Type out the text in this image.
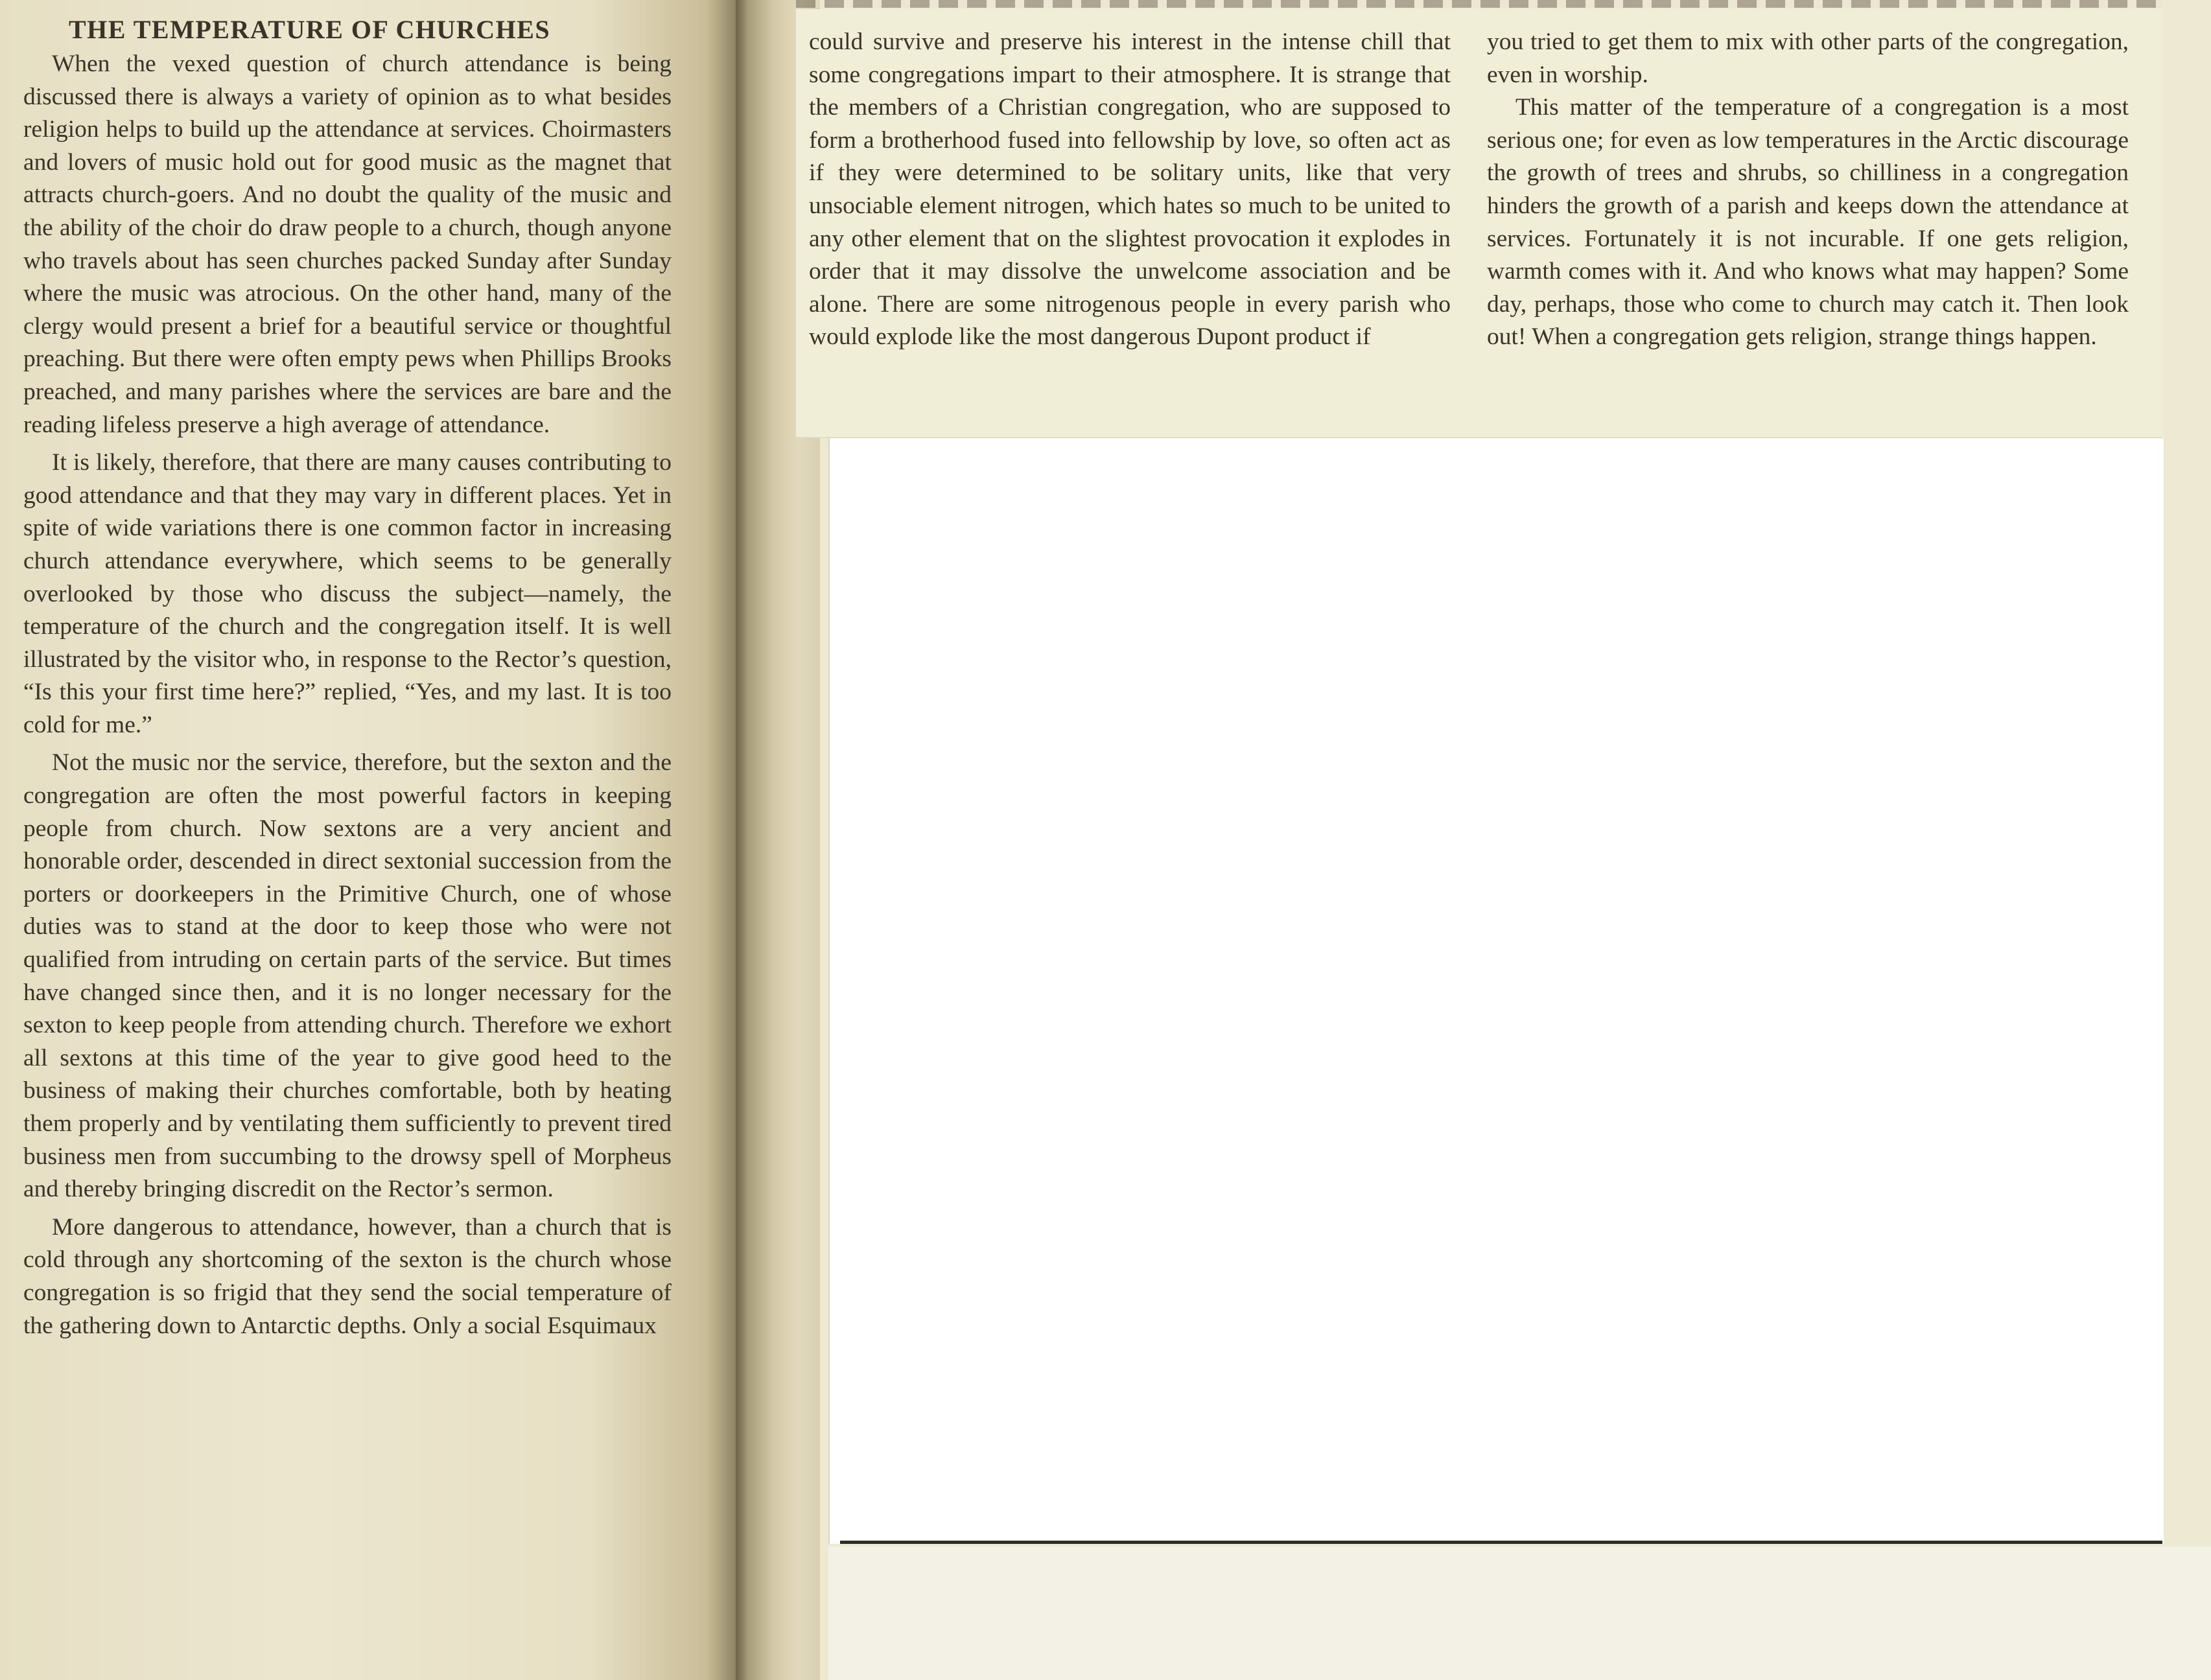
THE TEMPERATURE OF CHURCHES

When the vexed question of church attendance is being discussed there is always a variety of opinion as to what besides religion helps to build up the attendance at services. Choirmasters and lovers of music hold out for good music as the magnet that attracts church-goers. And no doubt the quality of the music and the ability of the choir do draw people to a church, though anyone who travels about has seen churches packed Sunday after Sunday where the music was atrocious. On the other hand, many of the clergy would present a brief for a beautiful service or thoughtful preaching. But there were often empty pews when Phillips Brooks preached, and many parishes where the services are bare and the reading lifeless preserve a high average of attendance.

It is likely, therefore, that there are many causes contributing to good attendance and that they may vary in different places. Yet in spite of wide variations there is one common factor in increasing church attendance everywhere, which seems to be generally overlooked by those who discuss the subject—namely, the temperature of the church and the congregation itself. It is well illustrated by the visitor who, in response to the Rector’s question, “Is this your first time here?” replied, “Yes, and my last. It is too cold for me.”

Not the music nor the service, therefore, but the sexton and the congregation are often the most powerful factors in keeping people from church. Now sextons are a very ancient and honorable order, descended in direct sextonial succession from the porters or doorkeepers in the Primitive Church, one of whose duties was to stand at the door to keep those who were not qualified from intruding on certain parts of the service. But times have changed since then, and it is no longer necessary for the sexton to keep people from attending church. Therefore we exhort all sextons at this time of the year to give good heed to the business of making their churches comfortable, both by heating them properly and by ventilating them sufficiently to prevent tired business men from succumbing to the drowsy spell of Morpheus and thereby bringing discredit on the Rector’s sermon.

More dangerous to attendance, however, than a church that is cold through any shortcoming of the sexton is the church whose congregation is so frigid that they send the social temperature of the gathering down to Antarctic depths. Only a social Esquimaux

could survive and preserve his interest in the intense chill that some congregations impart to their atmosphere. It is strange that the members of a Christian congregation, who are supposed to form a brotherhood fused into fellowship by love, so often act as if they were determined to be solitary units, like that very unsociable element nitrogen, which hates so much to be united to any other element that on the slightest provocation it explodes in order that it may dissolve the unwelcome association and be alone. There are some nitrogenous people in every parish who would explode like the most dangerous Dupont product if

you tried to get them to mix with other parts of the congregation, even in worship.

This matter of the temperature of a congregation is a most serious one; for even as low temperatures in the Arctic discourage the growth of trees and shrubs, so chilliness in a congregation hinders the growth of a parish and keeps down the attendance at services. Fortunately it is not incurable. If one gets religion, warmth comes with it. And who knows what may happen? Some day, perhaps, those who come to church may catch it. Then look out! When a congregation gets religion, strange things happen.
